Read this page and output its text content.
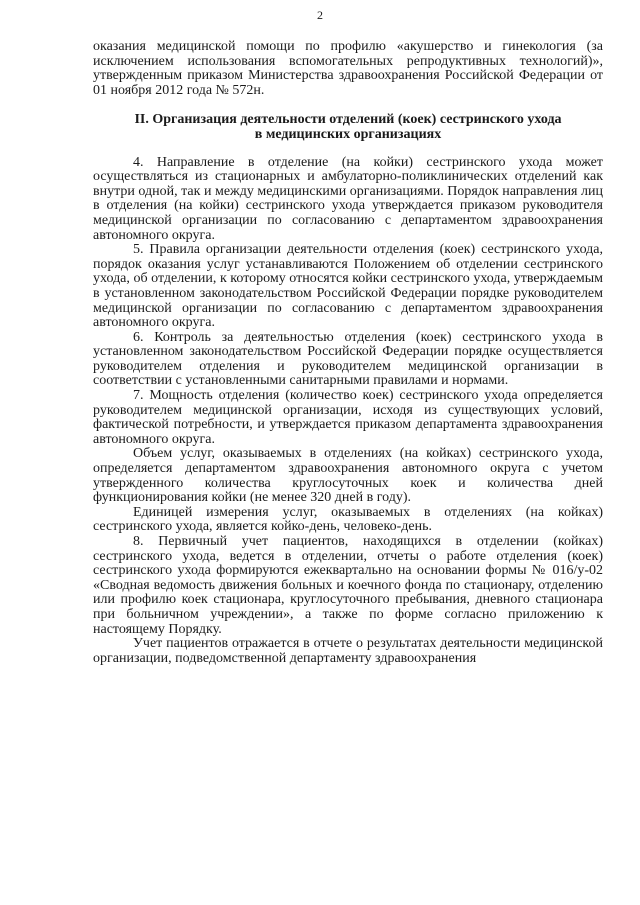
2

оказания медицинской помощи по профилю «акушерство и гинекология (за исключением использования вспомогательных репродуктивных технологий)», утвержденным приказом Министерства здравоохранения Российской Федерации от 01 ноября 2012 года № 572н.

II. Организация деятельности отделений (коек) сестринского ухода
в медицинских организациях

4. Направление в отделение (на койки) сестринского ухода может осуществляться из стационарных и амбулаторно-поликлинических отделений как внутри одной, так и между медицинскими организациями. Порядок направления лиц в отделения (на койки) сестринского ухода утверждается приказом руководителя медицинской организации по согласованию с департаментом здравоохранения автономного округа.

5. Правила организации деятельности отделения (коек) сестринского ухода, порядок оказания услуг устанавливаются Положением об отделении сестринского ухода, об отделении, к которому относятся койки сестринского ухода, утверждаемым в установленном законодательством Российской Федерации порядке руководителем медицинской организации по согласованию с департаментом здравоохранения автономного округа.

6. Контроль за деятельностью отделения (коек) сестринского ухода в установленном законодательством Российской Федерации порядке осуществляется руководителем отделения и руководителем медицинской организации в соответствии с установленными санитарными правилами и нормами.

7. Мощность отделения (количество коек) сестринского ухода определяется руководителем медицинской организации, исходя из существующих условий, фактической потребности, и утверждается приказом департамента здравоохранения автономного округа.

Объем услуг, оказываемых в отделениях (на койках) сестринского ухода, определяется департаментом здравоохранения автономного округа с учетом утвержденного количества круглосуточных коек и количества дней функционирования койки (не менее 320 дней в году).

Единицей измерения услуг, оказываемых в отделениях (на койках) сестринского ухода, является койко-день, человеко-день.

8. Первичный учет пациентов, находящихся в отделении (койках) сестринского ухода, ведется в отделении, отчеты о работе отделения (коек) сестринского ухода формируются ежеквартально на основании формы № 016/у-02 «Сводная ведомость движения больных и коечного фонда по стационару, отделению или профилю коек стационара, круглосуточного пребывания, дневного стационара при больничном учреждении», а также по форме согласно приложению к настоящему Порядку.

Учет пациентов отражается в отчете о результатах деятельности медицинской организации, подведомственной департаменту здравоохранения
